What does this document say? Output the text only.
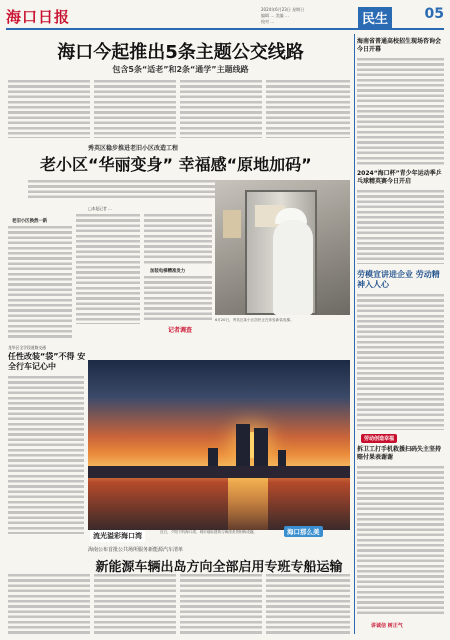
海口日报	2024年6月23日 星期日
编辑 … 美编 …
校对 …	民生	05
海口今起推出5条主题公交线路
包含5条“适老”和2条“通学”主题线路
秀英区稳步推进老旧小区改造工程
老小区“华丽变身” 幸福感“原地加码”
□本报记者 …
老旧小区换然一新
加装电梯精准发力
6月20日，秀英区某小区居民正在体验新装电梯。
记者调查
龙华区全学段道路交通
任性改装“袋”不得 安全行车记心中
流光溢彩海口湾	近日，夕阳下的海口湾，城市地标建筑与海湾美景相映成趣。	海口那么美
海南公布首批公共场所服务新能源汽车清单
新能源车辆出岛方向全部启用专班专船运输
海南省普通高校招生现场咨询会今日开幕
2024“海口杯”青少年运动季乒乓球精英赛今日开启
劳模宣讲进企业 劳动精神入人心
劳动创造幸福
拆卫工打手机救援扫码失主坚持赔付果表谢谢
讲诚信 树正气
